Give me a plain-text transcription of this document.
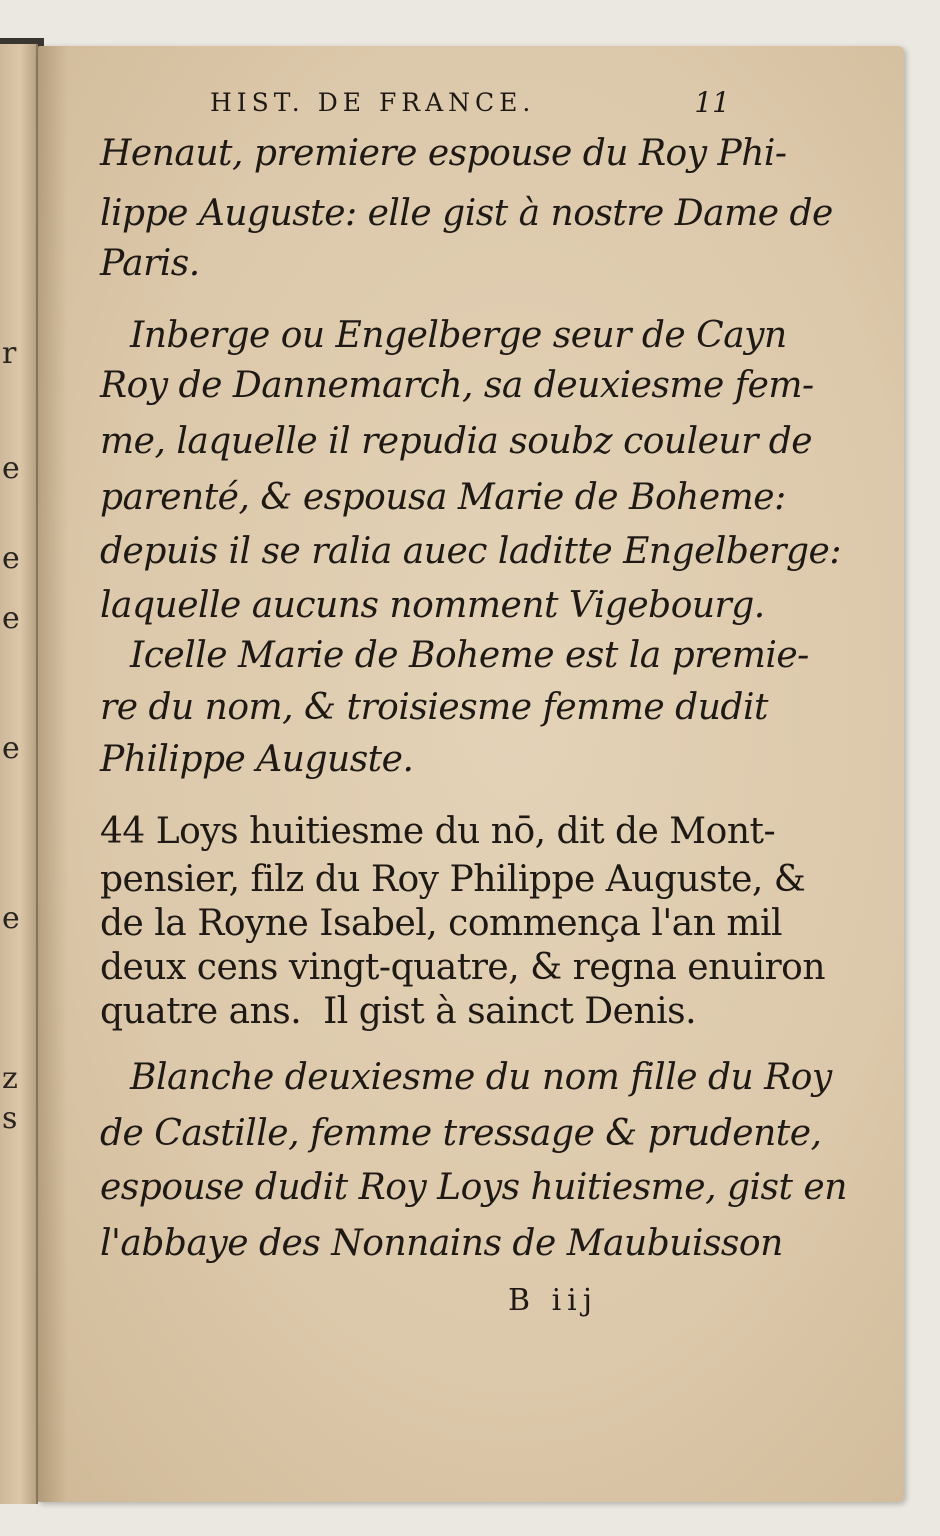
r
e
e
e
e
e
z
s
HIST. DE FRANCE.	11
Henaut, premiere espouse du Roy Phi-
lippe Auguste: elle gist à nostre Dame de
Paris.
Inberge ou Engelberge seur de Cayn
Roy de Dannemarch, sa deuxiesme fem-
me, laquelle il repudia soubz couleur de
parenté, & espousa Marie de Boheme:
depuis il se ralia auec laditte Engelberge:
laquelle aucuns nomment Vigebourg.
Icelle Marie de Boheme est la premie-
re du nom, & troisiesme femme dudit
Philippe Auguste.
44 Loys huitiesme du nō, dit de Mont-
pensier, filz du Roy Philippe Auguste, &
de la Royne Isabel, commença l'an mil
deux cens vingt-quatre, & regna enuiron
quatre ans.  Il gist à sainct Denis.
Blanche deuxiesme du nom fille du Roy
de Castille, femme tressage & prudente,
espouse dudit Roy Loys huitiesme, gist en
l'abbaye des Nonnains de Maubuisson
B iij
